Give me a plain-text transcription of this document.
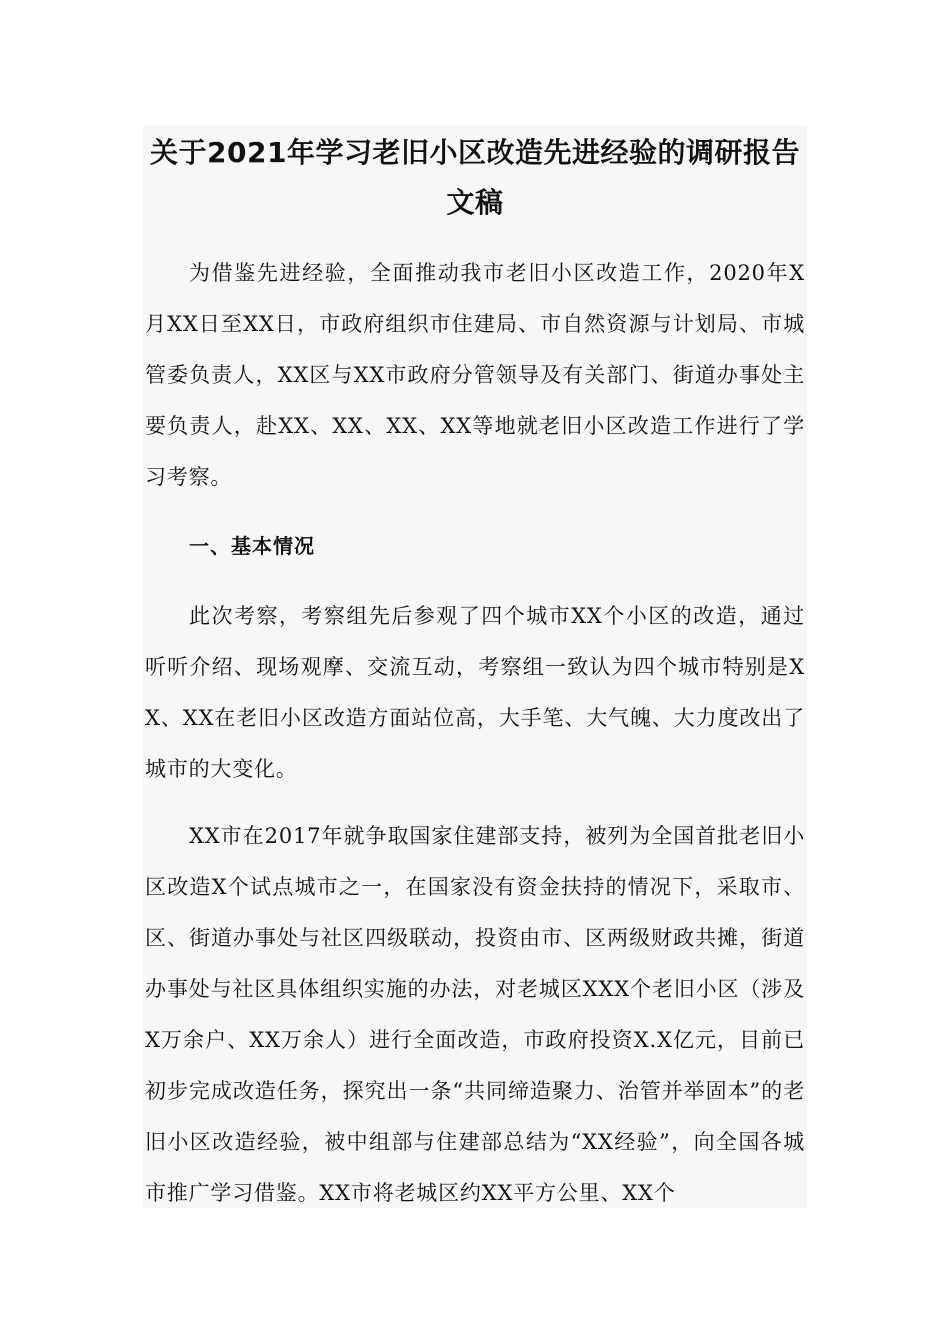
关于2021年学习老旧小区改造先进经验的调研报告文稿

为借鉴先进经验，全面推动我市老旧小区改造工作，2020年X月XX日至XX日，市政府组织市住建局、市自然资源与计划局、市城管委负责人，XX区与XX市政府分管领导及有关部门、街道办事处主要负责人，赴XX、XX、XX、XX等地就老旧小区改造工作进行了学习考察。

一、基本情况

此次考察，考察组先后参观了四个城市XX个小区的改造，通过听听介绍、现场观摩、交流互动，考察组一致认为四个城市特别是XX、XX在老旧小区改造方面站位高，大手笔、大气魄、大力度改出了城市的大变化。

XX市在2017年就争取国家住建部支持，被列为全国首批老旧小区改造X个试点城市之一，在国家没有资金扶持的情况下，采取市、区、街道办事处与社区四级联动，投资由市、区两级财政共摊，街道办事处与社区具体组织实施的办法，对老城区XXX个老旧小区（涉及X万余户、XX万余人）进行全面改造，市政府投资X.X亿元，目前已初步完成改造任务，探究出一条“共同缔造聚力、治管并举固本”的老旧小区改造经验，被中组部与住建部总结为“XX经验”，向全国各城市推广学习借鉴。XX市将老城区约XX平方公里、XX个
